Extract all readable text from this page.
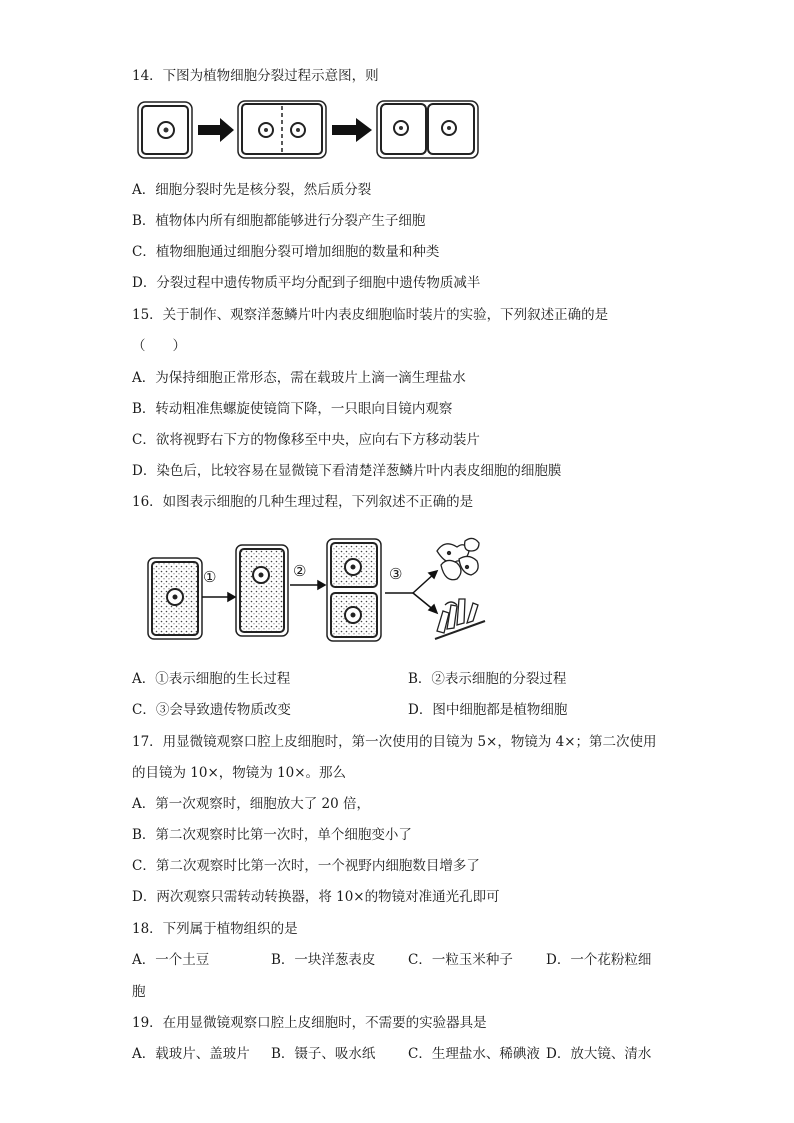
14．下图为植物细胞分裂过程示意图，则
A．细胞分裂时先是核分裂，然后质分裂
B．植物体内所有细胞都能够进行分裂产生子细胞
C．植物细胞通过细胞分裂可增加细胞的数量和种类
D．分裂过程中遗传物质平均分配到子细胞中遗传物质减半
15．关于制作、观察洋葱鳞片叶内表皮细胞临时装片的实验，下列叙述正确的是
（　　）
A．为保持细胞正常形态，需在载玻片上滴一滴生理盐水
B．转动粗准焦螺旋使镜筒下降，一只眼向目镜内观察
C．欲将视野右下方的物像移至中央，应向右下方移动装片
D．染色后，比较容易在显微镜下看清楚洋葱鳞片叶内表皮细胞的细胞膜
16．如图表示细胞的几种生理过程，下列叙述不正确的是
①	②	③
A．①表示细胞的生长过程	B．②表示细胞的分裂过程
C．③会导致遗传物质改变	D．图中细胞都是植物细胞
17．用显微镜观察口腔上皮细胞时，第一次使用的目镜为 5×，物镜为 4×；第二次使用
的目镜为 10×，物镜为 10×。那么
A．第一次观察时，细胞放大了 20 倍，
B．第二次观察时比第一次时，单个细胞变小了
C．第二次观察时比第一次时，一个视野内细胞数目增多了
D．两次观察只需转动转换器，将 10×的物镜对准通光孔即可
18．下列属于植物组织的是
A．一个土豆	B．一块洋葱表皮 C．一粒玉米种子 D．一个花粉粒细
胞
19．在用显微镜观察口腔上皮细胞时，不需要的实验器具是
A．载玻片、盖玻片 B．镊子、吸水纸 C．生理盐水、稀碘液 D．放大镜、清水
